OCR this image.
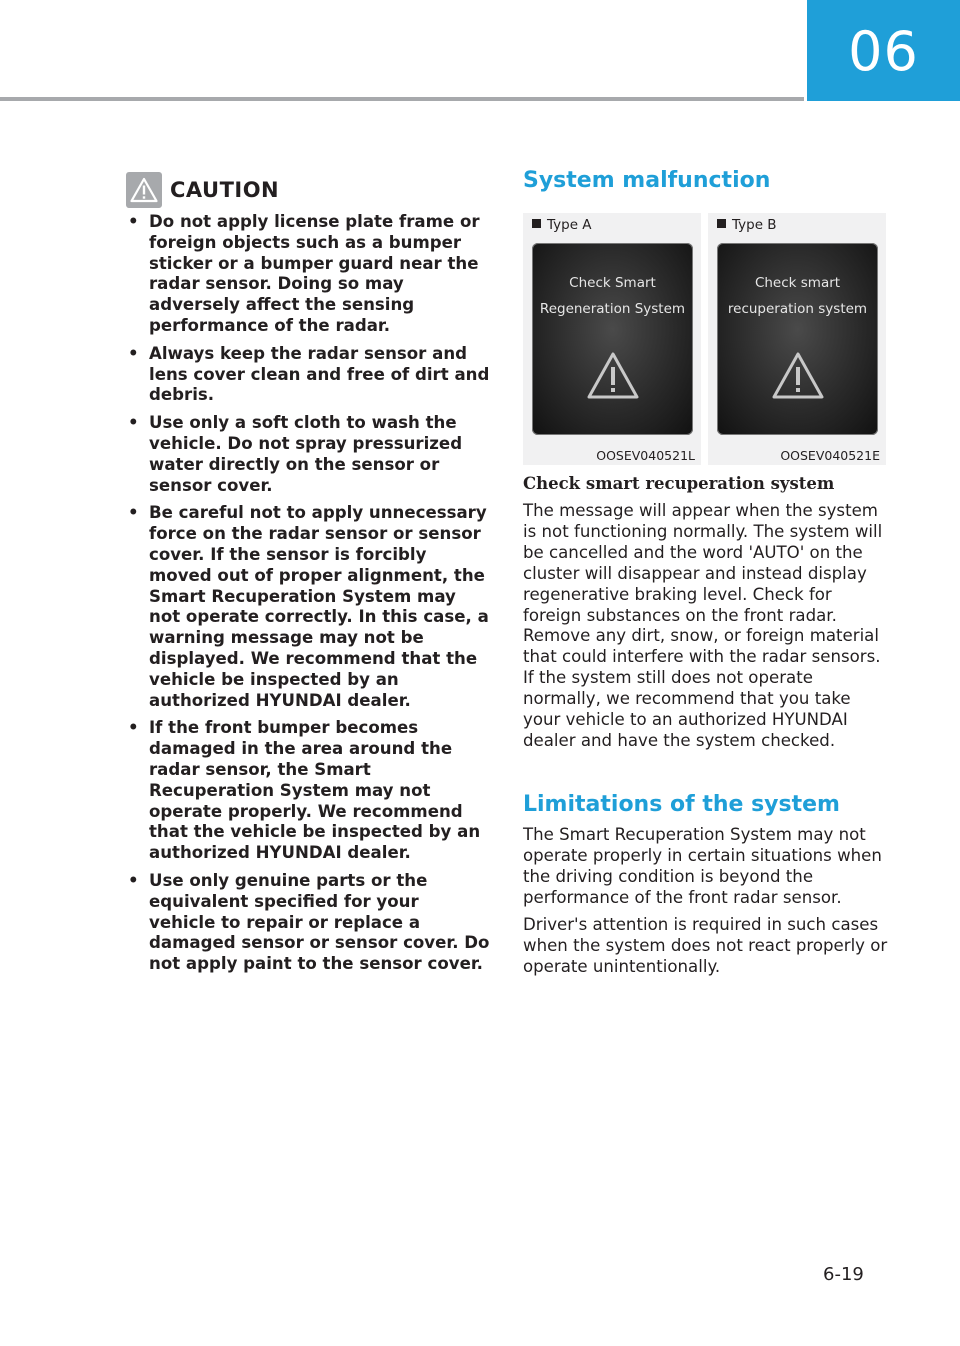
06
CAUTION
• Do not apply license plate frame or foreign objects such as a bumper sticker or a bumper guard near the radar sensor. Doing so may adversely affect the sensing performance of the radar.
• Always keep the radar sensor and lens cover clean and free of dirt and debris.
• Use only a soft cloth to wash the vehicle. Do not spray pressurized water directly on the sensor or sensor cover.
• Be careful not to apply unnecessary force on the radar sensor or sensor cover. If the sensor is forcibly moved out of proper alignment, the Smart Recuperation System may not operate correctly. In this case, a warning message may not be displayed. We recommend that the vehicle be inspected by an authorized HYUNDAI dealer.
• If the front bumper becomes damaged in the area around the radar sensor, the Smart Recuperation System may not operate properly. We recommend that the vehicle be inspected by an authorized HYUNDAI dealer.
• Use only genuine parts or the equivalent specified for your vehicle to repair or replace a damaged sensor or sensor cover. Do not apply paint to the sensor cover.
System malfunction
Type A
Check Smart
Regeneration System
OOSEV040521L
Type B
Check smart
recuperation system
OOSEV040521E
Check smart recuperation system

The message will appear when the system is not functioning normally. The system will be cancelled and the word 'AUTO' on the cluster will disappear and instead display regenerative braking level. Check for foreign substances on the front radar. Remove any dirt, snow, or foreign material that could interfere with the radar sensors. If the system still does not operate normally, we recommend that you take your vehicle to an authorized HYUNDAI dealer and have the system checked.

Limitations of the system

The Smart Recuperation System may not operate properly in certain situations when the driving condition is beyond the performance of the front radar sensor.

Driver's attention is required in such cases when the system does not react properly or operate unintentionally.

6-19
